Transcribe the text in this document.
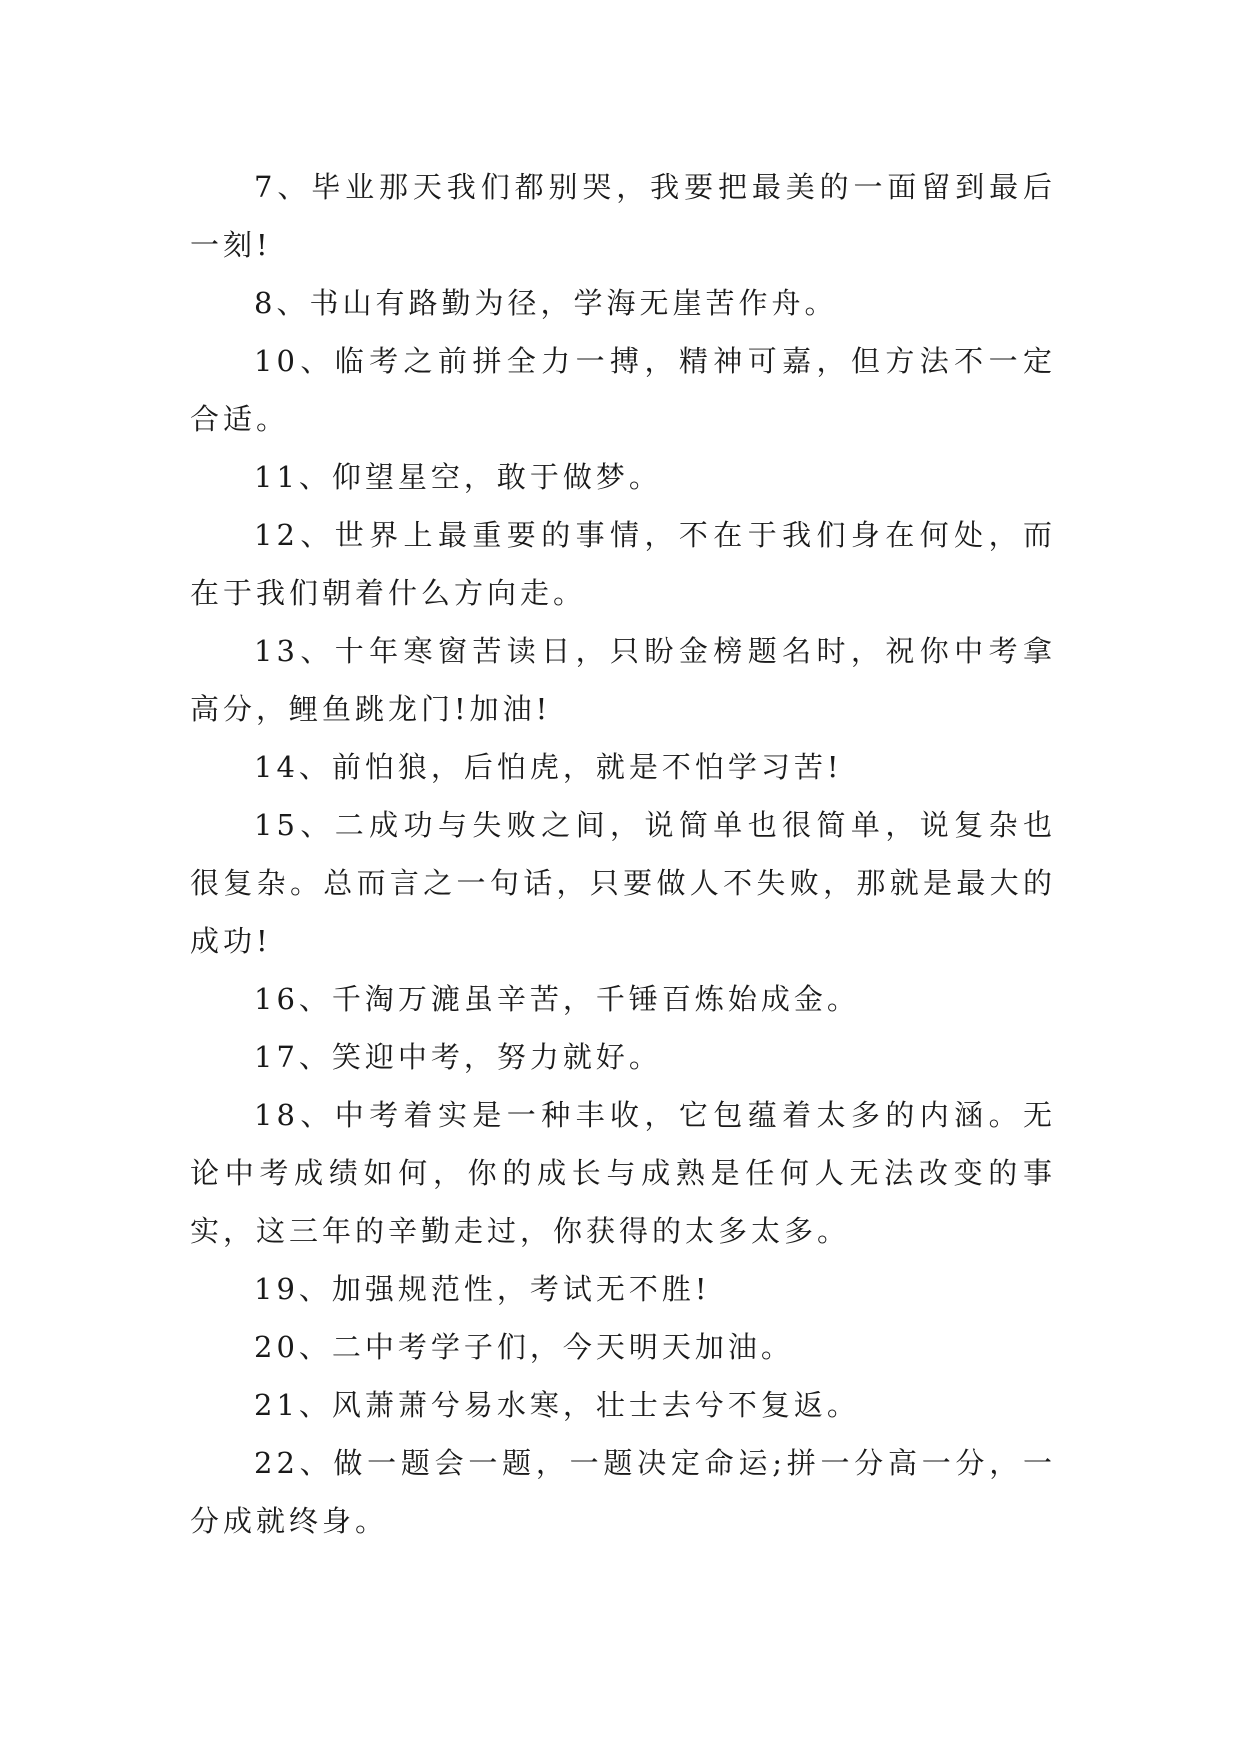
7、毕业那天我们都别哭，我要把最美的一面留到最后一刻!

8、书山有路勤为径，学海无崖苦作舟。

10、临考之前拼全力一搏，精神可嘉，但方法不一定合适。

11、仰望星空，敢于做梦。

12、世界上最重要的事情，不在于我们身在何处，而在于我们朝着什么方向走。

13、十年寒窗苦读日，只盼金榜题名时，祝你中考拿高分，鲤鱼跳龙门!加油!

14、前怕狼，后怕虎，就是不怕学习苦!

15、二成功与失败之间，说简单也很简单，说复杂也很复杂。总而言之一句话，只要做人不失败，那就是最大的成功!

16、千淘万漉虽辛苦，千锤百炼始成金。

17、笑迎中考，努力就好。

18、中考着实是一种丰收，它包蕴着太多的内涵。无论中考成绩如何，你的成长与成熟是任何人无法改变的事实，这三年的辛勤走过，你获得的太多太多。

19、加强规范性，考试无不胜!

20、二中考学子们，今天明天加油。

21、风萧萧兮易水寒，壮士去兮不复返。

22、做一题会一题，一题决定命运;拼一分高一分，一分成就终身。
